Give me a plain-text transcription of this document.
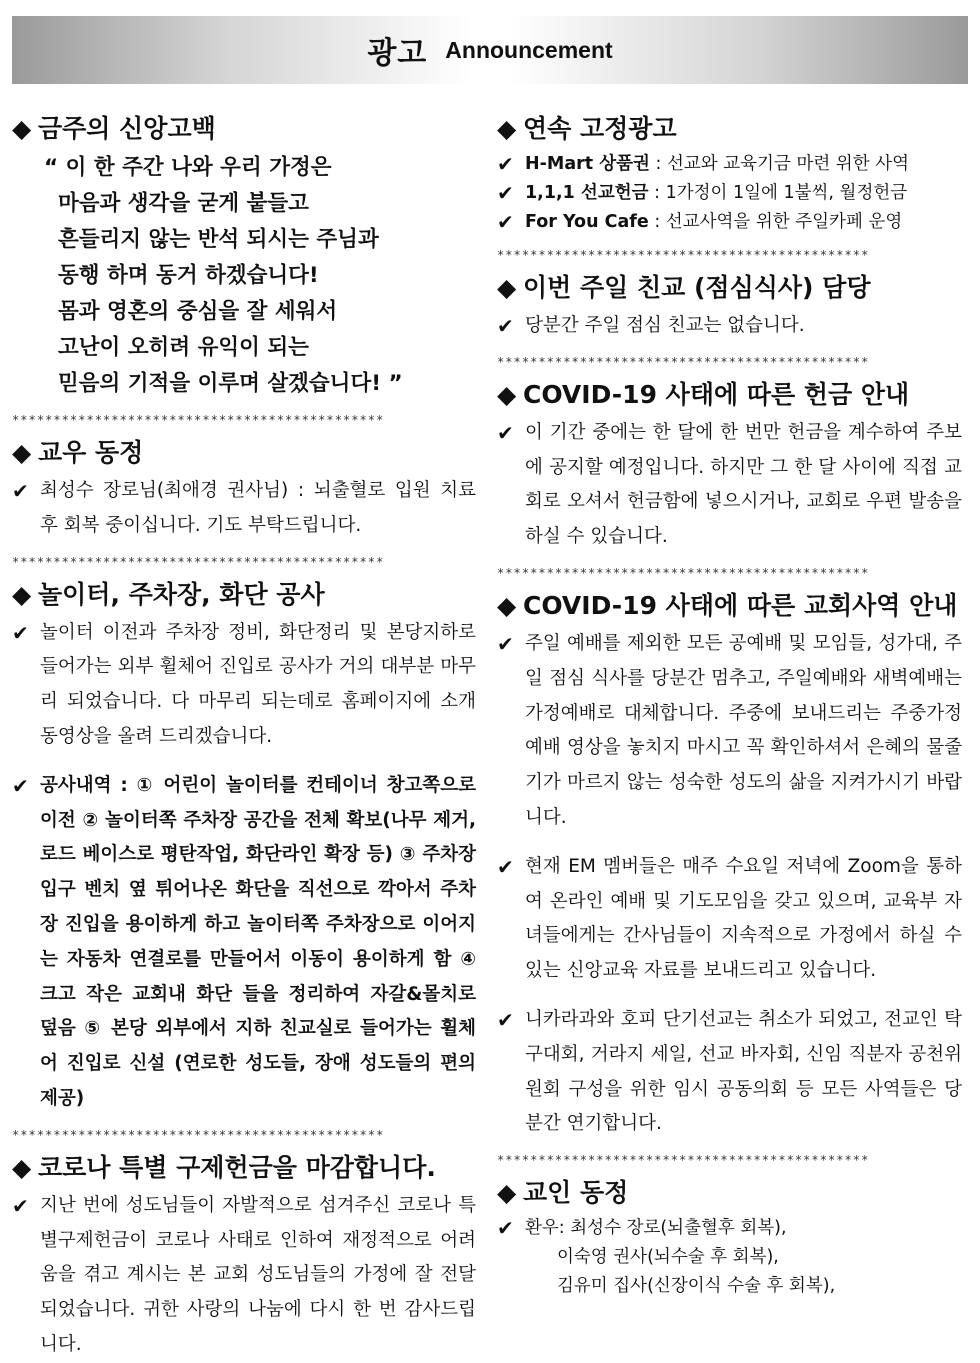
광고 Announcement
◆ 금주의 신앙고백
“ 이 한 주간 나와 우리 가정은
마음과 생각을 굳게 붙들고
흔들리지 않는 반석 되시는 주님과
동행 하며 동거 하겠습니다!
몸과 영혼의 중심을 잘 세워서
고난이 오히려 유익이 되는
믿음의 기적을 이루며 살겠습니다! ”
*********************************************
◆ 교우 동정

✔ 최성수 장로님(최애경 권사님) : 뇌출혈로 입원 치료 후 회복 중이십니다. 기도 부탁드립니다.

*********************************************
◆ 놀이터, 주차장, 화단 공사

✔ 놀이터 이전과 주차장 정비, 화단정리 및 본당지하로 들어가는 외부 휠체어 진입로 공사가 거의 대부분 마무리 되었습니다. 다 마무리 되는데로 홈페이지에 소개 동영상을 올려 드리겠습니다.

✔ 공사내역 : ① 어린이 놀이터를 컨테이너 창고쪽으로 이전 ② 놀이터쪽 주차장 공간을 전체 확보(나무 제거, 로드 베이스로 평탄작업, 화단라인 확장 등) ③ 주차장 입구 벤치 옆 튀어나온 화단을 직선으로 깍아서 주차장 진입을 용이하게 하고 놀이터쪽 주차장으로 이어지는 자동차 연결로를 만들어서 이동이 용이하게 함 ④ 크고 작은 교회내 화단 들을 정리하여 자갈&몰치로 덮음 ⑤ 본당 외부에서 지하 친교실로 들어가는 휠체어 진입로 신설 (연로한 성도들, 장애 성도들의 편의 제공)

*********************************************
◆ 코로나 특별 구제헌금을 마감합니다.

✔ 지난 번에 성도님들이 자발적으로 섬겨주신 코로나 특별구제헌금이 코로나 사태로 인하여 재정적으로 어려움을 겪고 계시는 본 교회 성도님들의 가정에 잘 전달되었습니다. 귀한 사랑의 나눔에 다시 한 번 감사드립니다.

◆ 연속 고정광고

✔ H-Mart 상품권 : 선교와 교육기금 마련 위한 사역

✔ 1,1,1 선교헌금 : 1가정이 1일에 1불씩, 월정헌금

✔ For You Cafe : 선교사역을 위한 주일카페 운영

*********************************************
◆ 이번 주일 친교 (점심식사) 담당

✔ 당분간 주일 점심 친교는 없습니다.

*********************************************
◆ COVID-19 사태에 따른 헌금 안내

✔ 이 기간 중에는 한 달에 한 번만 헌금을 계수하여 주보에 공지할 예정입니다. 하지만 그 한 달 사이에 직접 교회로 오셔서 헌금함에 넣으시거나, 교회로 우편 발송을 하실 수 있습니다.

*********************************************
◆ COVID-19 사태에 따른 교회사역 안내

✔ 주일 예배를 제외한 모든 공예배 및 모임들, 성가대, 주일 점심 식사를 당분간 멈추고, 주일예배와 새벽예배는 가정예배로 대체합니다. 주중에 보내드리는 주중가정예배 영상을 놓치지 마시고 꼭 확인하셔서 은혜의 물줄기가 마르지 않는 성숙한 성도의 삶을 지켜가시기 바랍니다.

✔ 현재 EM 멤버들은 매주 수요일 저녁에 Zoom을 통하여 온라인 예배 및 기도모임을 갖고 있으며, 교육부 자녀들에게는 간사님들이 지속적으로 가정에서 하실 수 있는 신앙교육 자료를 보내드리고 있습니다.

✔ 니카라과와 호피 단기선교는 취소가 되었고, 전교인 탁구대회, 거라지 세일, 선교 바자회, 신임 직분자 공천위원회 구성을 위한 임시 공동의회 등 모든 사역들은 당분간 연기합니다.

*********************************************
◆ 교인 동정

✔ 환우: 최성수 장로(뇌출혈후 회복),

이숙영 권사(뇌수술 후 회복),
김유미 집사(신장이식 수술 후 회복),
